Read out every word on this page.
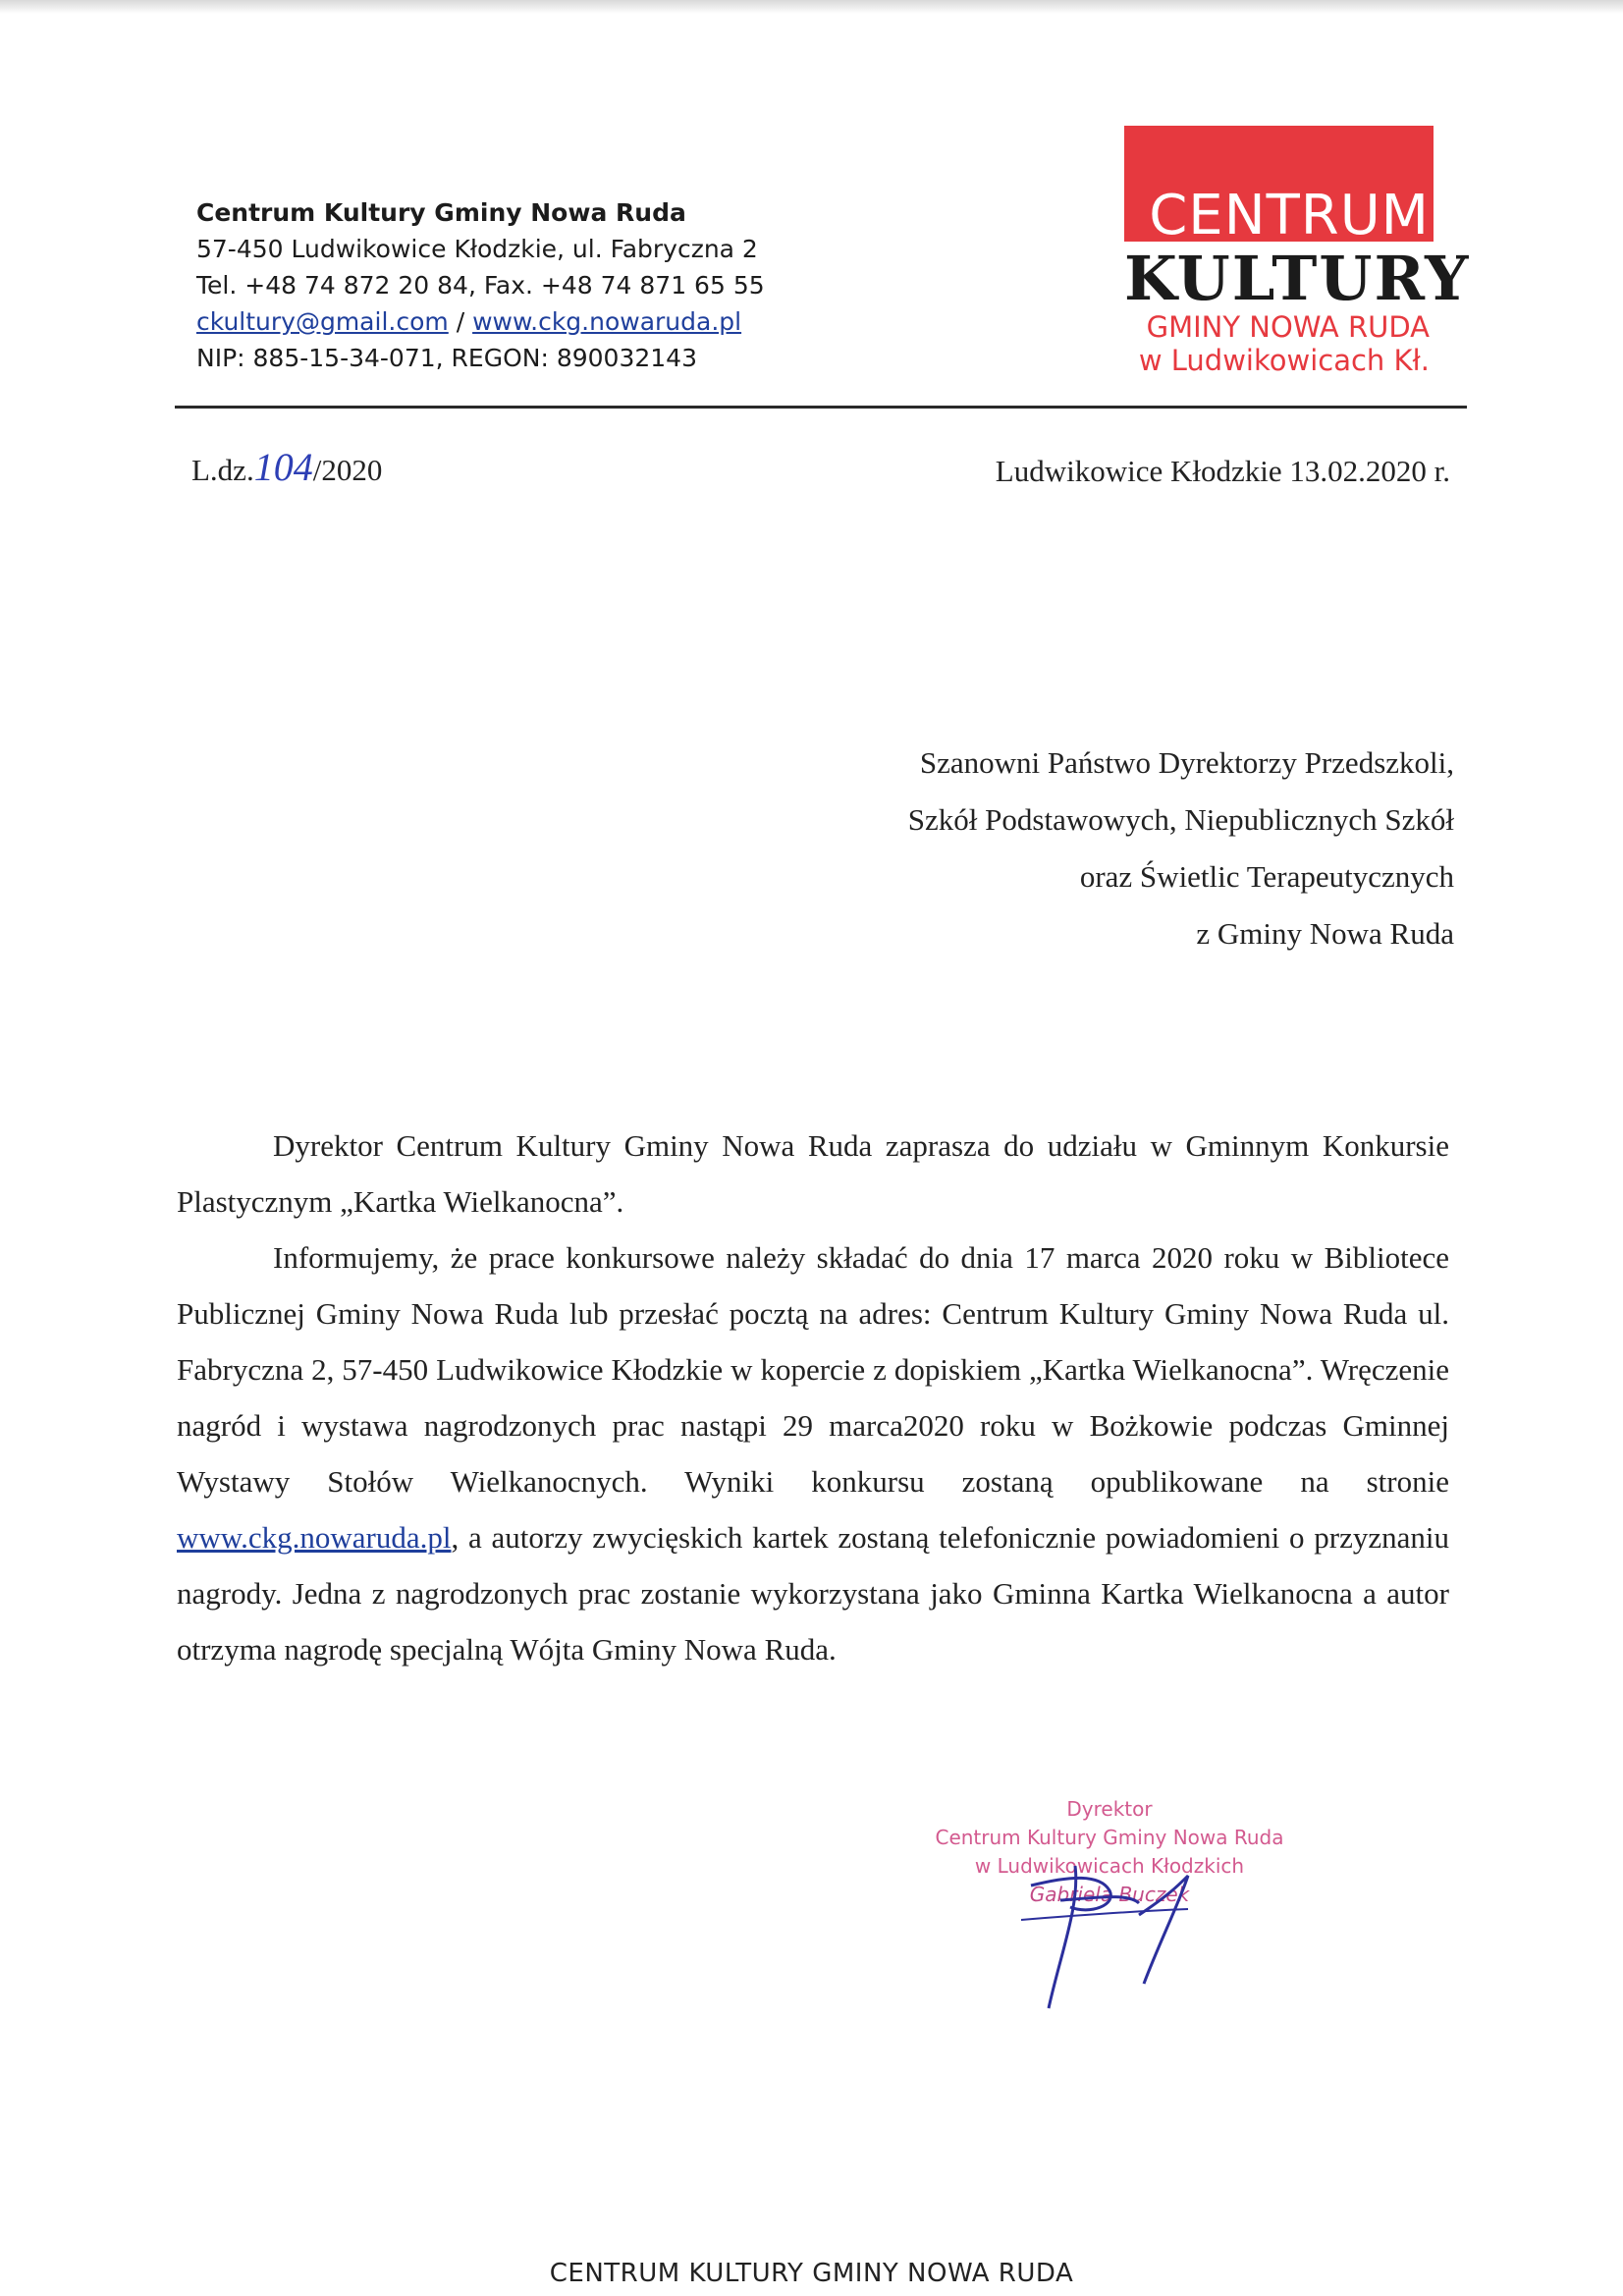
Centrum Kultury Gminy Nowa Ruda
57-450 Ludwikowice Kłodzkie, ul. Fabryczna 2
Tel. +48 74 872 20 84, Fax. +48 74 871 65 55
ckultury@gmail.com / www.ckg.nowaruda.pl
NIP: 885-15-34-071, REGON: 890032143
CENTRUM
KULTURY
GMINY NOWA RUDA
w Ludwikowicach Kł.
L.dz.104/2020	Ludwikowice Kłodzkie 13.02.2020 r.
Szanowni Państwo Dyrektorzy Przedszkoli,
Szkół Podstawowych, Niepublicznych Szkół
oraz Świetlic Terapeutycznych
z Gminy Nowa Ruda

Dyrektor Centrum Kultury Gminy Nowa Ruda zaprasza do udziału w Gminnym Konkursie Plastycznym „Kartka Wielkanocna”.

Informujemy, że prace konkursowe należy składać do dnia 17 marca 2020 roku w Bibliotece Publicznej Gminy Nowa Ruda lub przesłać pocztą na adres: Centrum Kultury Gminy Nowa Ruda ul. Fabryczna 2, 57-450 Ludwikowice Kłodzkie w kopercie z dopiskiem „Kartka Wielkanocna”. Wręczenie nagród i wystawa nagrodzonych prac nastąpi 29 marca2020 roku w Bożkowie podczas Gminnej Wystawy Stołów Wielkanocnych. Wyniki konkursu zostaną opublikowane na stronie www.ckg.nowaruda.pl, a autorzy zwycięskich kartek zostaną telefonicznie powiadomieni o przyznaniu nagrody. Jedna z nagrodzonych prac zostanie wykorzystana jako Gminna Kartka Wielkanocna a autor otrzyma nagrodę specjalną Wójta Gminy Nowa Ruda.

Dyrektor
Centrum Kultury Gminy Nowa Ruda
w Ludwikowicach Kłodzkich
Gabriela Buczek
CENTRUM KULTURY GMINY NOWA RUDA
